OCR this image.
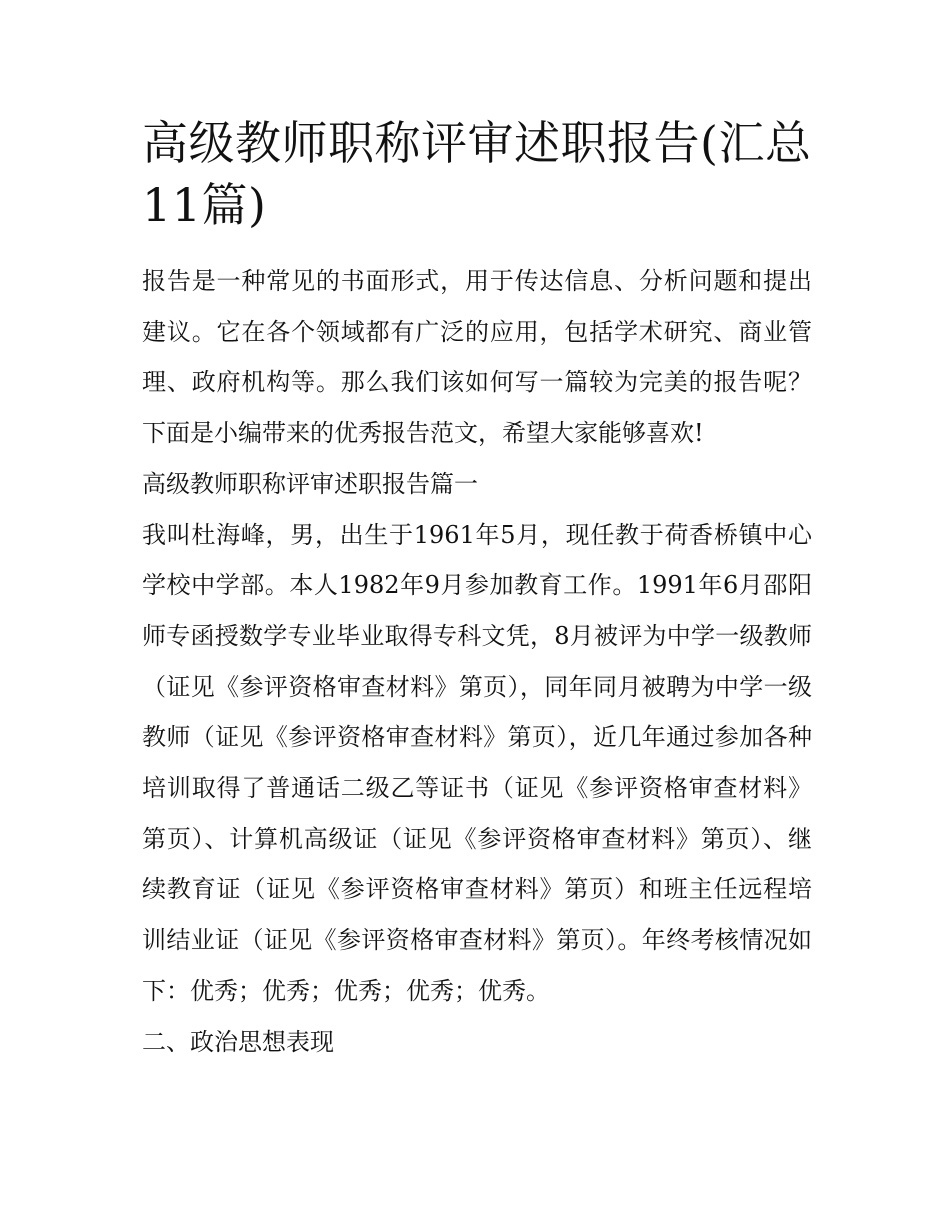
高级教师职称评审述职报告(汇总11篇)

报告是一种常见的书面形式，用于传达信息、分析问题和提出建议。它在各个领域都有广泛的应用，包括学术研究、商业管理、政府机构等。那么我们该如何写一篇较为完美的报告呢？下面是小编带来的优秀报告范文，希望大家能够喜欢!

高级教师职称评审述职报告篇一

我叫杜海峰，男，出生于1961年5月，现任教于荷香桥镇中心学校中学部。本人1982年9月参加教育工作。1991年6月邵阳师专函授数学专业毕业取得专科文凭，8月被评为中学一级教师（证见《参评资格审查材料》第页），同年同月被聘为中学一级教师（证见《参评资格审查材料》第页），近几年通过参加各种培训取得了普通话二级乙等证书（证见《参评资格审查材料》第页）、计算机高级证（证见《参评资格审查材料》第页）、继续教育证（证见《参评资格审查材料》第页）和班主任远程培训结业证（证见《参评资格审查材料》第页）。年终考核情况如下：优秀；优秀；优秀；优秀；优秀。

二、政治思想表现
